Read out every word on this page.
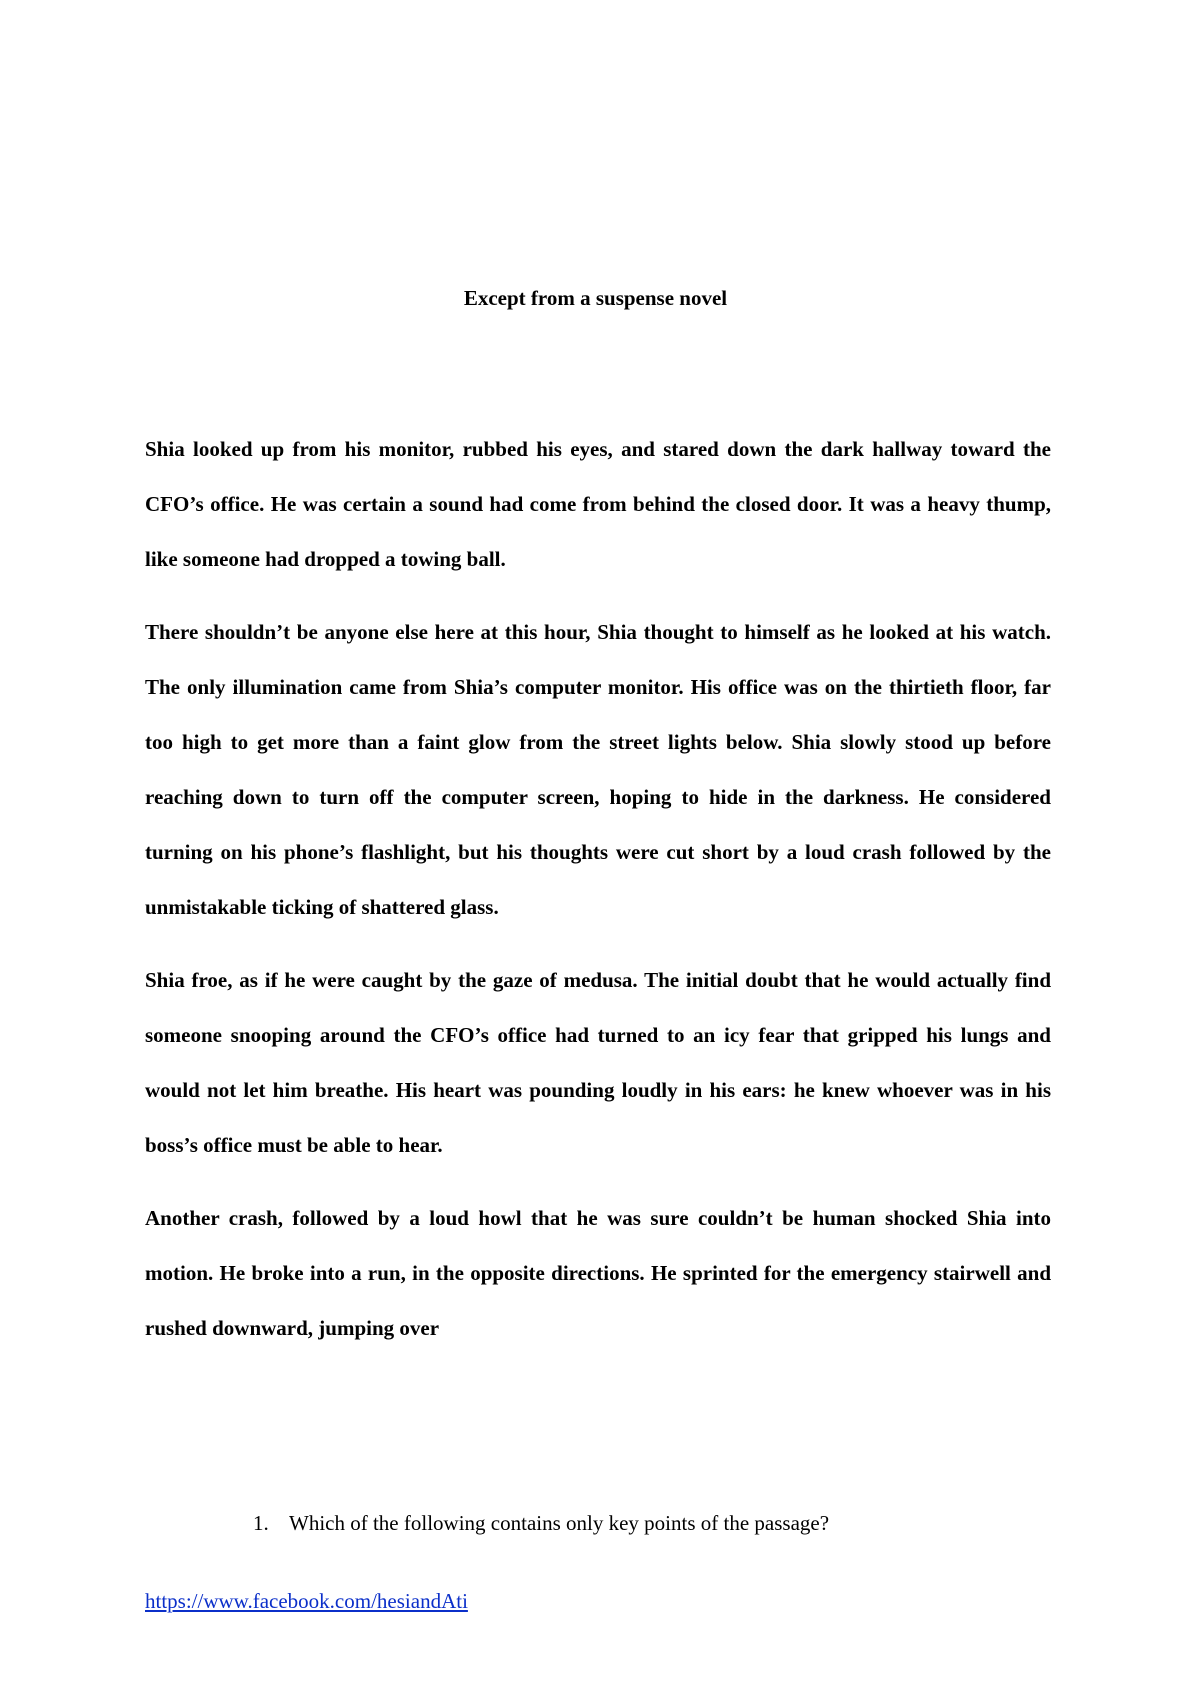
Except from a suspense novel

Shia looked up from his monitor, rubbed his eyes, and stared down the dark hallway toward the CFO’s office. He was certain a sound had come from behind the closed door. It was a heavy thump, like someone had dropped a towing ball.

There shouldn’t be anyone else here at this hour, Shia thought to himself as he looked at his watch. The only illumination came from Shia’s computer monitor. His office was on the thirtieth floor, far too high to get more than a faint glow from the street lights below. Shia slowly stood up before reaching down to turn off the computer screen, hoping to hide in the darkness. He considered turning on his phone’s flashlight, but his thoughts were cut short by a loud crash followed by the unmistakable ticking of shattered glass.

Shia froe, as if he were caught by the gaze of medusa. The initial doubt that he would actually find someone snooping around the CFO’s office had turned to an icy fear that gripped his lungs and would not let him breathe. His heart was pounding loudly in his ears: he knew whoever was in his boss’s office must be able to hear.

Another crash, followed by a loud howl that he was sure couldn’t be human shocked Shia into motion. He broke into a run, in the opposite directions. He sprinted for the emergency stairwell and rushed downward, jumping over

1. Which of the following contains only key points of the passage?
https://www.facebook.com/hesiandAti
